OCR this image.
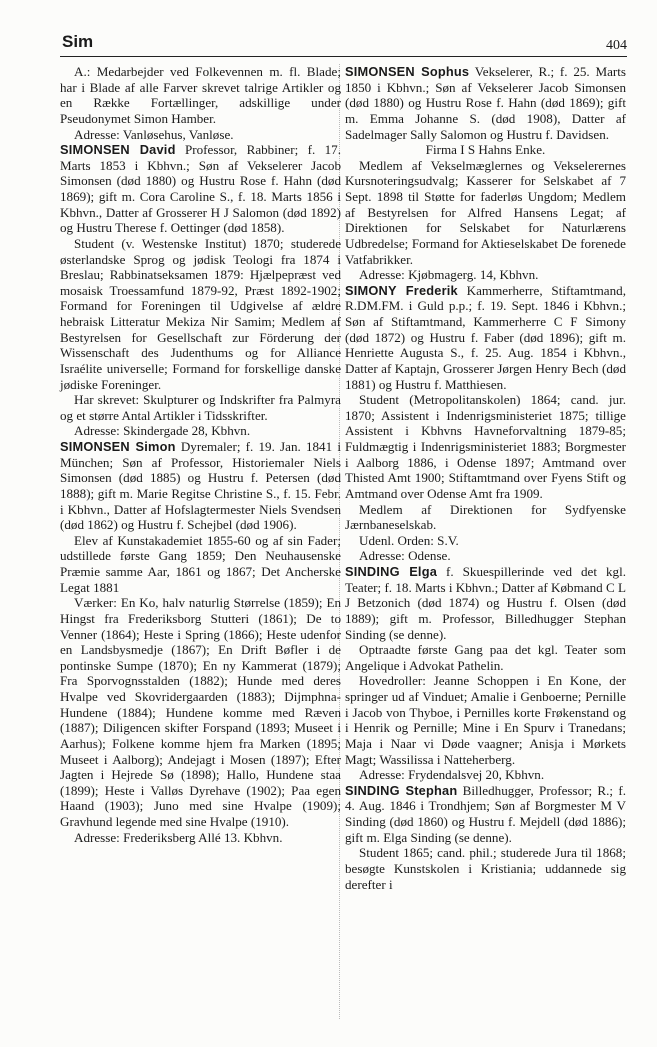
Sim	404

A.: Medarbejder ved Folkevennen m. fl. Blade; har i Blade af alle Farver skrevet talrige Artikler og en Række Fortællinger, adskillige under Pseudonymet Simon Hamber.

Adresse: Vanløsehus, Vanløse.

SIMONSEN David Professor, Rabbiner; f. 17. Marts 1853 i Kbhvn.; Søn af Vekselerer Jacob Simonsen (død 1880) og Hustru Rose f. Hahn (død 1869); gift m. Cora Caroline S., f. 18. Marts 1856 i Kbhvn., Datter af Grosserer H J Salomon (død 1892) og Hustru Therese f. Oettinger (død 1858).

Student (v. Westenske Institut) 1870; studerede østerlandske Sprog og jødisk Teologi fra 1874 i Breslau; Rabbinatseksamen 1879: Hjælpepræst ved mosaisk Troessamfund 1879-92, Præst 1892-1902; Formand for Foreningen til Udgivelse af ældre hebraisk Litteratur Mekiza Nir Samim; Medlem af Bestyrelsen for Gesellschaft zur Förderung der Wissenschaft des Judenthums og for Alliance Israélite universelle; Formand for forskellige danske jødiske Foreninger.

Har skrevet: Skulpturer og Indskrifter fra Palmyra og et større Antal Artikler i Tidsskrifter.

Adresse: Skindergade 28, Kbhvn.

SIMONSEN Simon Dyremaler; f. 19. Jan. 1841 i München; Søn af Professor, Historiemaler Niels Simonsen (død 1885) og Hustru f. Petersen (død 1888); gift m. Marie Regitse Christine S., f. 15. Febr. i Kbhvn., Datter af Hofslagtermester Niels Svendsen (død 1862) og Hustru f. Schejbel (død 1906).

Elev af Kunstakademiet 1855-60 og af sin Fader; udstillede første Gang 1859; Den Neuhausenske Præmie samme Aar, 1861 og 1867; Det Ancherske Legat 1881

Værker: En Ko, halv naturlig Størrelse (1859); En Hingst fra Frederiksborg Stutteri (1861); De to Venner (1864); Heste i Spring (1866); Heste udenfor en Landsbysmedje (1867); En Drift Bøfler i de pontinske Sumpe (1870); En ny Kammerat (1879); Fra Sporvognsstalden (1882); Hunde med deres Hvalpe ved Skovridergaarden (1883); Dijmphna-Hundene (1884); Hundene komme med Ræven (1887); Diligencen skifter Forspand (1893; Museet i Aarhus); Folkene komme hjem fra Marken (1895; Museet i Aalborg); Andejagt i Mosen (1897); Efter Jagten i Hejrede Sø (1898); Hallo, Hundene staa (1899); Heste i Valløs Dyrehave (1902); Paa egen Haand (1903); Juno med sine Hvalpe (1909); Gravhund legende med sine Hvalpe (1910).

Adresse: Frederiksberg Allé 13. Kbhvn.

SIMONSEN Sophus Vekselerer, R.; f. 25. Marts 1850 i Kbhvn.; Søn af Vekselerer Jacob Simonsen (død 1880) og Hustru Rose f. Hahn (død 1869); gift m. Emma Johanne S. (død 1908), Datter af Sadelmager Sally Salomon og Hustru f. Davidsen.

Firma I S Hahns Enke.

Medlem af Vekselmæglernes og Vekselerernes Kursnoteringsudvalg; Kasserer for Selskabet af 7 Sept. 1898 til Støtte for faderløs Ungdom; Medlem af Bestyrelsen for Alfred Hansens Legat; af Direktionen for Selskabet for Naturlærens Udbredelse; Formand for Aktieselskabet De forenede Vatfabrikker.

Adresse: Kjøbmagerg. 14, Kbhvn.

SIMONY Frederik Kammerherre, Stiftamtmand, R.DM.FM. i Guld p.p.; f. 19. Sept. 1846 i Kbhvn.; Søn af Stiftamtmand, Kammerherre C F Simony (død 1872) og Hustru f. Faber (død 1896); gift m. Henriette Augusta S., f. 25. Aug. 1854 i Kbhvn., Datter af Kaptajn, Grosserer Jørgen Henry Bech (død 1881) og Hustru f. Matthiesen.

Student (Metropolitanskolen) 1864; cand. jur. 1870; Assistent i Indenrigsministeriet 1875; tillige Assistent i Kbhvns Havneforvaltning 1879-85; Fuldmægtig i Indenrigsministeriet 1883; Borgmester i Aalborg 1886, i Odense 1897; Amtmand over Thisted Amt 1900; Stiftamtmand over Fyens Stift og Amtmand over Odense Amt fra 1909.

Medlem af Direktionen for Sydfyenske Jærnbaneselskab.

Udenl. Orden: S.V.

Adresse: Odense.

SINDING Elga f. Skuespillerinde ved det kgl. Teater; f. 18. Marts i Kbhvn.; Datter af Købmand C L J Betzonich (død 1874) og Hustru f. Olsen (død 1889); gift m. Professor, Billedhugger Stephan Sinding (se denne).

Optraadte første Gang paa det kgl. Teater som Angelique i Advokat Pathelin.

Hovedroller: Jeanne Schoppen i En Kone, der springer ud af Vinduet; Amalie i Genboerne; Pernille i Jacob von Thyboe, i Pernilles korte Frøkenstand og i Henrik og Pernille; Mine i En Spurv i Tranedans; Maja i Naar vi Døde vaagner; Anisja i Mørkets Magt; Wassilissa i Natteherberg.

Adresse: Frydendalsvej 20, Kbhvn.

SINDING Stephan Billedhugger, Professor; R.; f. 4. Aug. 1846 i Trondhjem; Søn af Borgmester M V Sinding (død 1860) og Hustru f. Mejdell (død 1886); gift m. Elga Sinding (se denne).

Student 1865; cand. phil.; studerede Jura til 1868; besøgte Kunstskolen i Kristiania; uddannede sig derefter i
